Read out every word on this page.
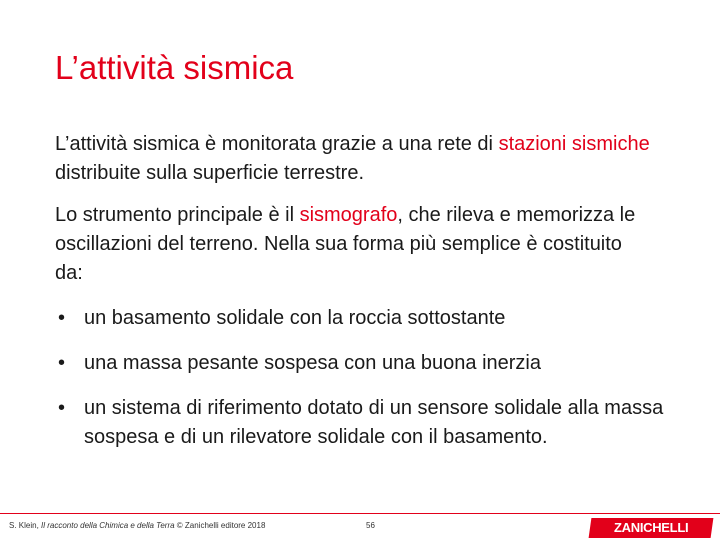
L’attività sismica
L’attività sismica è monitorata grazie a una rete di stazioni sismiche distribuite sulla superficie terrestre.
Lo strumento principale è il sismografo, che rileva e memorizza le oscillazioni del terreno. Nella sua forma più semplice è costituito da:
• un basamento solidale con la roccia sottostante
• una massa pesante sospesa con una buona inerzia
• un sistema di riferimento dotato di un sensore solidale alla massa sospesa e di un rilevatore solidale con il basamento.
S. Klein, Il racconto della Chimica e della Terra © Zanichelli editore 2018	56	ZANICHELLI
